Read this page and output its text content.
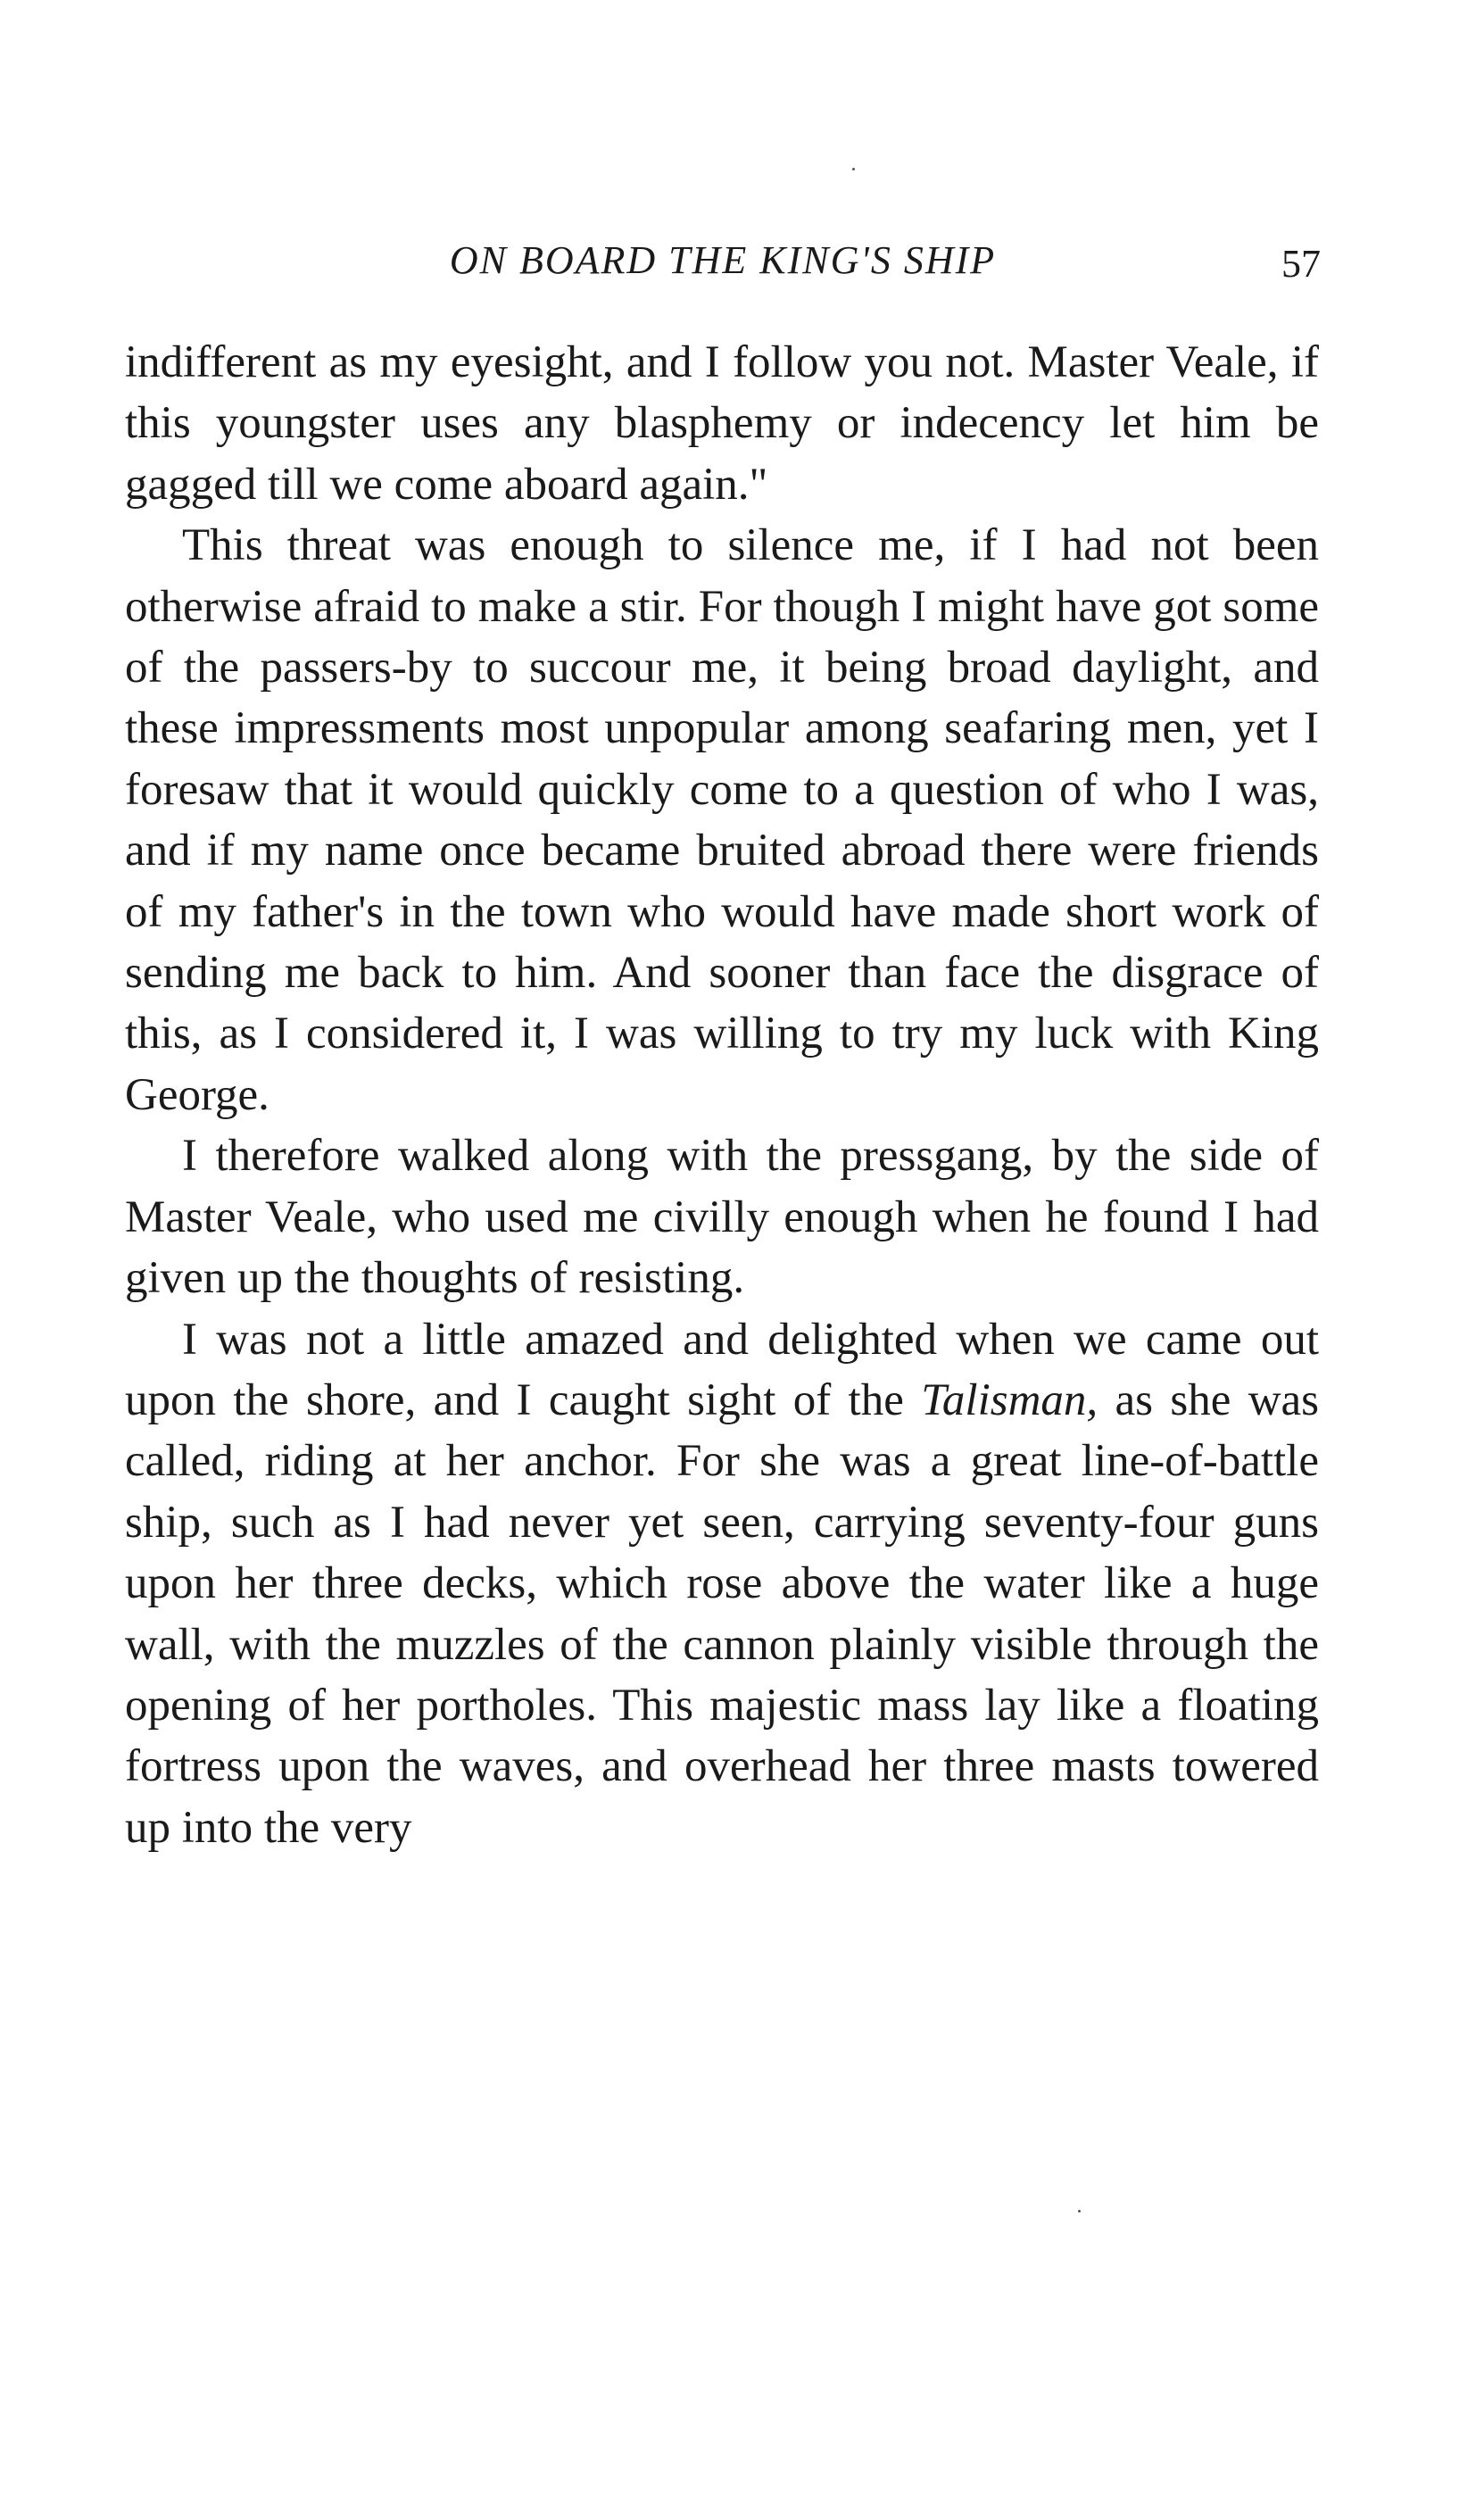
ON BOARD THE KING'S SHIP	57

indifferent as my eyesight, and I follow you not. Master Veale, if this youngster uses any blasphemy or indecency let him be gagged till we come aboard again."

This threat was enough to silence me, if I had not been otherwise afraid to make a stir. For though I might have got some of the passers-by to succour me, it being broad daylight, and these impressments most unpopular among seafaring men, yet I foresaw that it would quickly come to a question of who I was, and if my name once became bruited abroad there were friends of my father's in the town who would have made short work of sending me back to him. And sooner than face the disgrace of this, as I considered it, I was willing to try my luck with King George.

I therefore walked along with the pressgang, by the side of Master Veale, who used me civilly enough when he found I had given up the thoughts of resisting.

I was not a little amazed and delighted when we came out upon the shore, and I caught sight of the Talisman, as she was called, riding at her anchor. For she was a great line-of-battle ship, such as I had never yet seen, carrying seventy-four guns upon her three decks, which rose above the water like a huge wall, with the muzzles of the cannon plainly visible through the opening of her portholes. This majestic mass lay like a floating fortress upon the waves, and overhead her three masts towered up into the very
